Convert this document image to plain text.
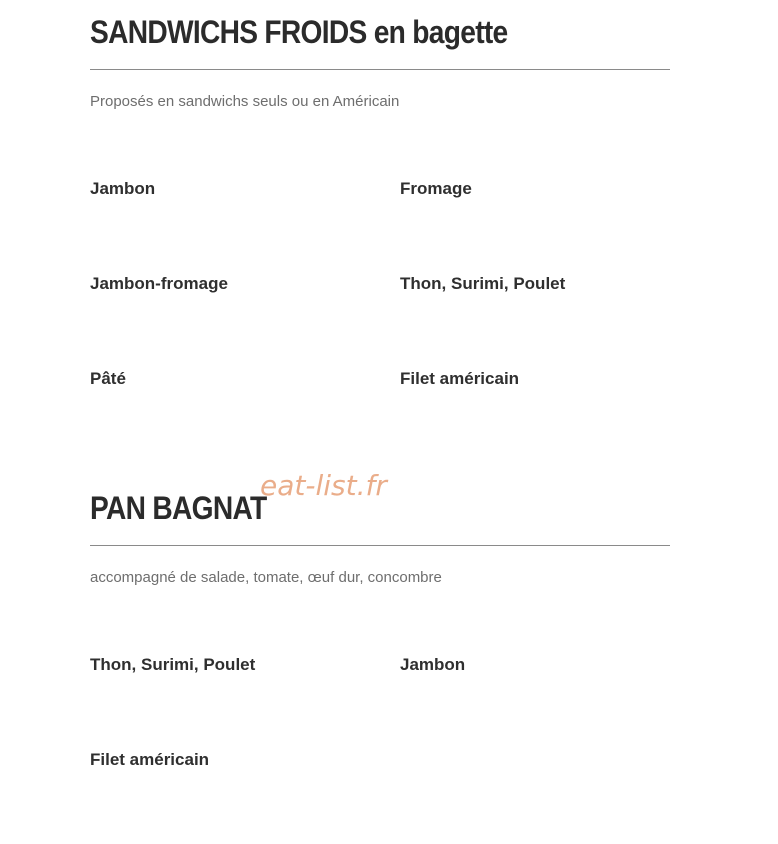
SANDWICHS FROIDS en bagette

Proposés en sandwichs seuls ou en Américain

Jambon	Fromage
Jambon-fromage	Thon, Surimi, Poulet
Pâté	Filet américain
PAN BAGNAT

accompagné de salade, tomate, œuf dur, concombre

Thon, Surimi, Poulet	Jambon
Filet américain
eat-list.fr
